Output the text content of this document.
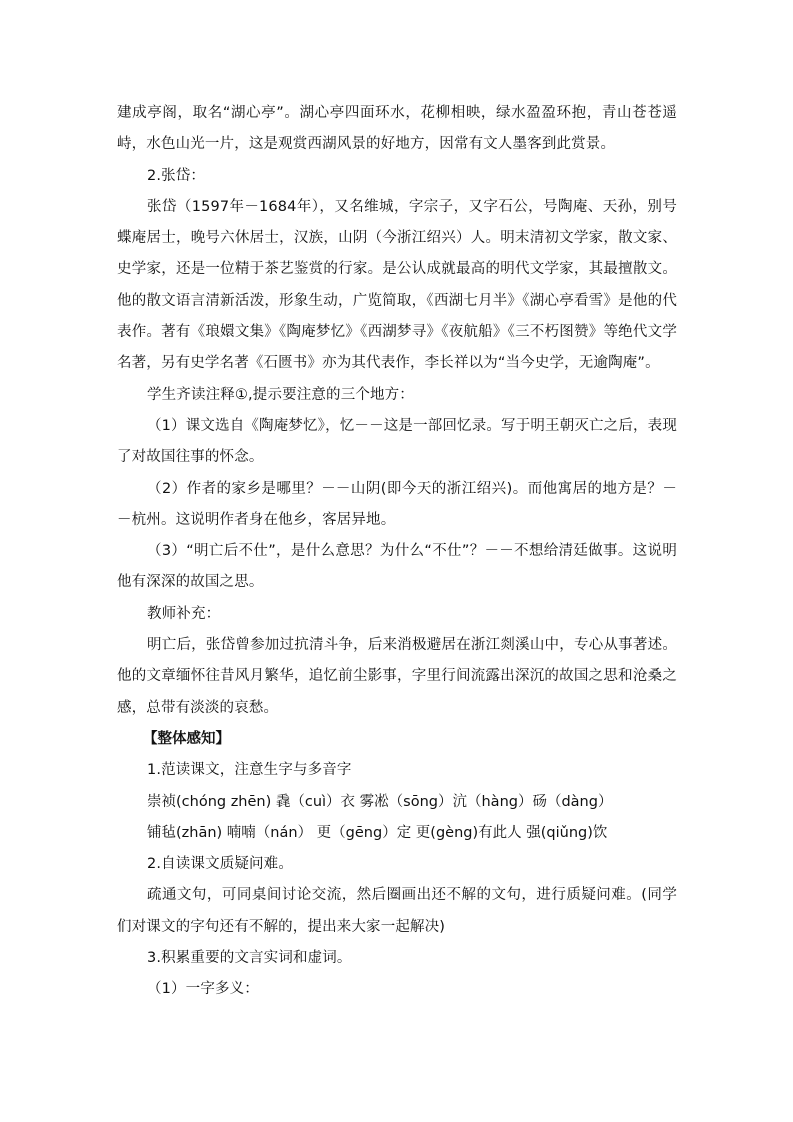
建成亭阁，取名“湖心亭”。湖心亭四面环水，花柳相映，绿水盈盈环抱，青山苍苍遥峙，水色山光一片，这是观赏西湖风景的好地方，因常有文人墨客到此赏景。

2.张岱：

张岱（1597年－1684年），又名维城，字宗子，又字石公，号陶庵、天孙，别号蝶庵居士，晚号六休居士，汉族，山阴（今浙江绍兴）人。明末清初文学家，散文家、史学家，还是一位精于茶艺鉴赏的行家。是公认成就最高的明代文学家，其最擅散文。他的散文语言清新活泼，形象生动，广览简取，《西湖七月半》《湖心亭看雪》是他的代表作。著有《琅嬛文集》《陶庵梦忆》《西湖梦寻》《夜航船》《三不朽图赞》等绝代文学名著，另有史学名著《石匮书》亦为其代表作，李长祥以为“当今史学，无逾陶庵”。

学生齐读注释①,提示要注意的三个地方：

（1）课文选自《陶庵梦忆》，忆－－这是一部回忆录。写于明王朝灭亡之后，表现了对故国往事的怀念。

（2）作者的家乡是哪里？－－山阴(即今天的浙江绍兴)。而他寓居的地方是？－－杭州。这说明作者身在他乡，客居异地。

（3）“明亡后不仕”，是什么意思？为什么“不仕”？－－不想给清廷做事。这说明他有深深的故国之思。

教师补充：

明亡后，张岱曾参加过抗清斗争，后来消极避居在浙江剡溪山中，专心从事著述。他的文章缅怀往昔风月繁华，追忆前尘影事，字里行间流露出深沉的故国之思和沧桑之感，总带有淡淡的哀愁。

【整体感知】

1.范读课文，注意生字与多音字

崇祯(chóng zhēn) 毳（cuì）衣 雾凇（sōng）沆（hàng）砀（dàng）

铺毡(zhān) 喃喃（nán） 更（gēng）定 更(gèng)有此人 强(qiǔng)饮

2.自读课文质疑问难。

疏通文句，可同桌间讨论交流，然后圈画出还不解的文句，进行质疑问难。(同学们对课文的字句还有不解的，提出来大家一起解决)

3.积累重要的文言实词和虚词。

（1）一字多义：
